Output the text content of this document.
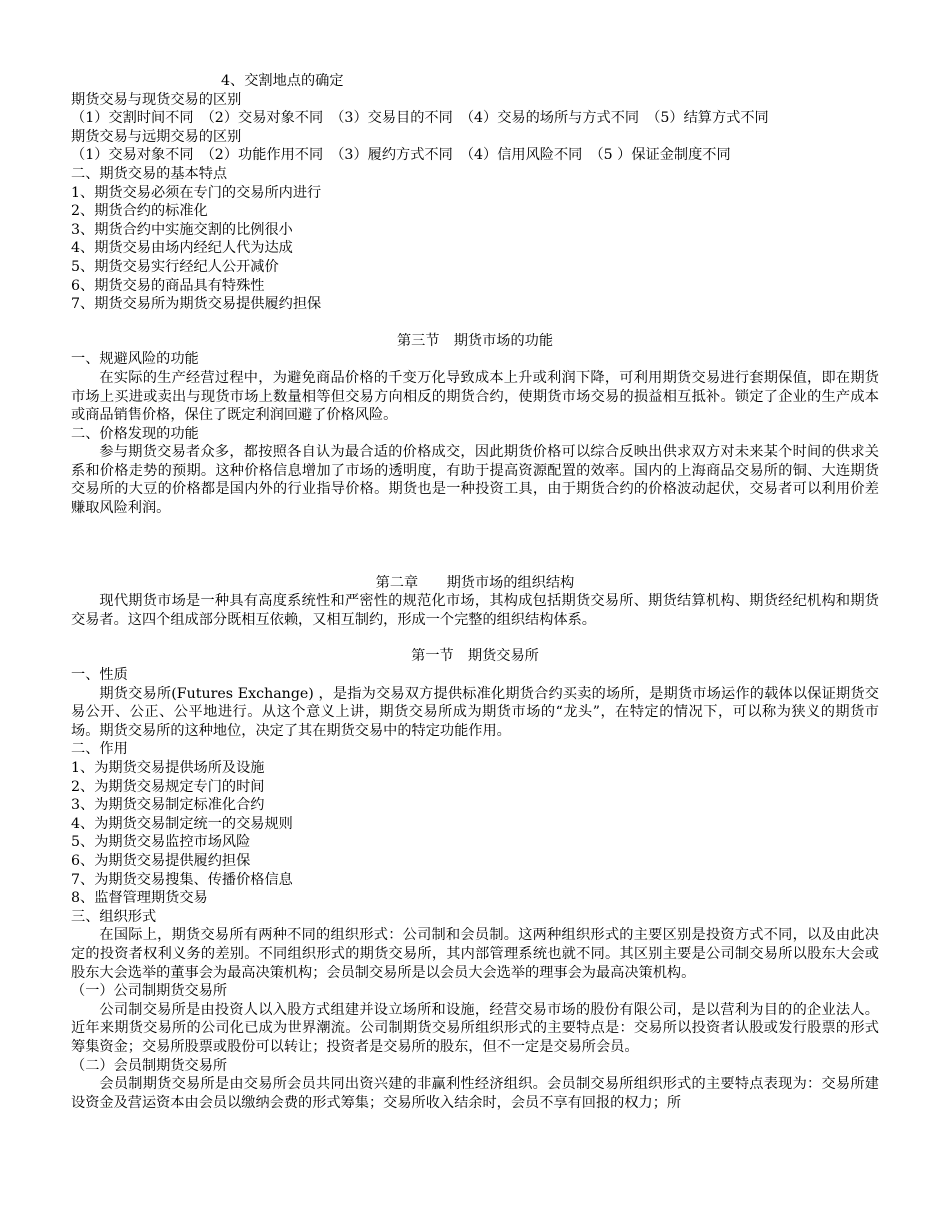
4、交割地点的确定
期货交易与现货交易的区别
（1）交割时间不同　（2）交易对象不同　（3）交易目的不同　（4）交易的场所与方式不同　（5）结算方式不同
期货交易与远期交易的区别
（1）交易对象不同　（2）功能作用不同　（3）履约方式不同　（4）信用风险不同　（5 ）保证金制度不同
二、期货交易的基本特点
1、期货交易必须在专门的交易所内进行
2、期货合约的标准化
3、期货合约中实施交割的比例很小
4、期货交易由场内经纪人代为达成
5、期货交易实行经纪人公开减价
6、期货交易的商品具有特殊性
7、期货交易所为期货交易提供履约担保
第三节　期货市场的功能
一、规避风险的功能
在实际的生产经营过程中，为避免商品价格的千变万化导致成本上升或利润下降，可利用期货交易进行套期保值，即在期货市场上买进或卖出与现货市场上数量相等但交易方向相反的期货合约，使期货市场交易的损益相互抵补。锁定了企业的生产成本或商品销售价格，保住了既定利润回避了价格风险。
二、价格发现的功能
参与期货交易者众多，都按照各自认为最合适的价格成交，因此期货价格可以综合反映出供求双方对未来某个时间的供求关系和价格走势的预期。这种价格信息增加了市场的透明度，有助于提高资源配置的效率。国内的上海商品交易所的铜、大连期货交易所的大豆的价格都是国内外的行业指导价格。期货也是一种投资工具，由于期货合约的价格波动起伏，交易者可以利用价差赚取风险利润。
第二章　　期货市场的组织结构
现代期货市场是一种具有高度系统性和严密性的规范化市场，其构成包括期货交易所、期货结算机构、期货经纪机构和期货交易者。这四个组成部分既相互依赖，又相互制约，形成一个完整的组织结构体系。
第一节　期货交易所
一、性质
期货交易所(Futures Exchange) ，是指为交易双方提供标准化期货合约买卖的场所，是期货市场运作的载体以保证期货交易公开、公正、公平地进行。从这个意义上讲，期货交易所成为期货市场的“龙头”，在特定的情况下，可以称为狭义的期货市场。期货交易所的这种地位，决定了其在期货交易中的特定功能作用。
二、作用
1、为期货交易提供场所及设施
2、为期货交易规定专门的时间
3、为期货交易制定标准化合约
4、为期货交易制定统一的交易规则
5、为期货交易监控市场风险
6、为期货交易提供履约担保
7、为期货交易搜集、传播价格信息
8、监督管理期货交易
三、组织形式
在国际上，期货交易所有两种不同的组织形式：公司制和会员制。这两种组织形式的主要区别是投资方式不同，以及由此决定的投资者权利义务的差别。不同组织形式的期货交易所，其内部管理系统也就不同。其区别主要是公司制交易所以股东大会或股东大会选举的董事会为最高决策机构；会员制交易所是以会员大会选举的理事会为最高决策机构。
（一）公司制期货交易所
公司制交易所是由投资人以入股方式组建并设立场所和设施，经营交易市场的股份有限公司，是以营利为目的的企业法人。近年来期货交易所的公司化已成为世界潮流。公司制期货交易所组织形式的主要特点是：交易所以投资者认股或发行股票的形式筹集资金；交易所股票或股份可以转让；投资者是交易所的股东，但不一定是交易所会员。
（二）会员制期货交易所
会员制期货交易所是由交易所会员共同出资兴建的非赢利性经济组织。会员制交易所组织形式的主要特点表现为：交易所建设资金及营运资本由会员以缴纳会费的形式筹集；交易所收入结余时，会员不享有回报的权力；所
